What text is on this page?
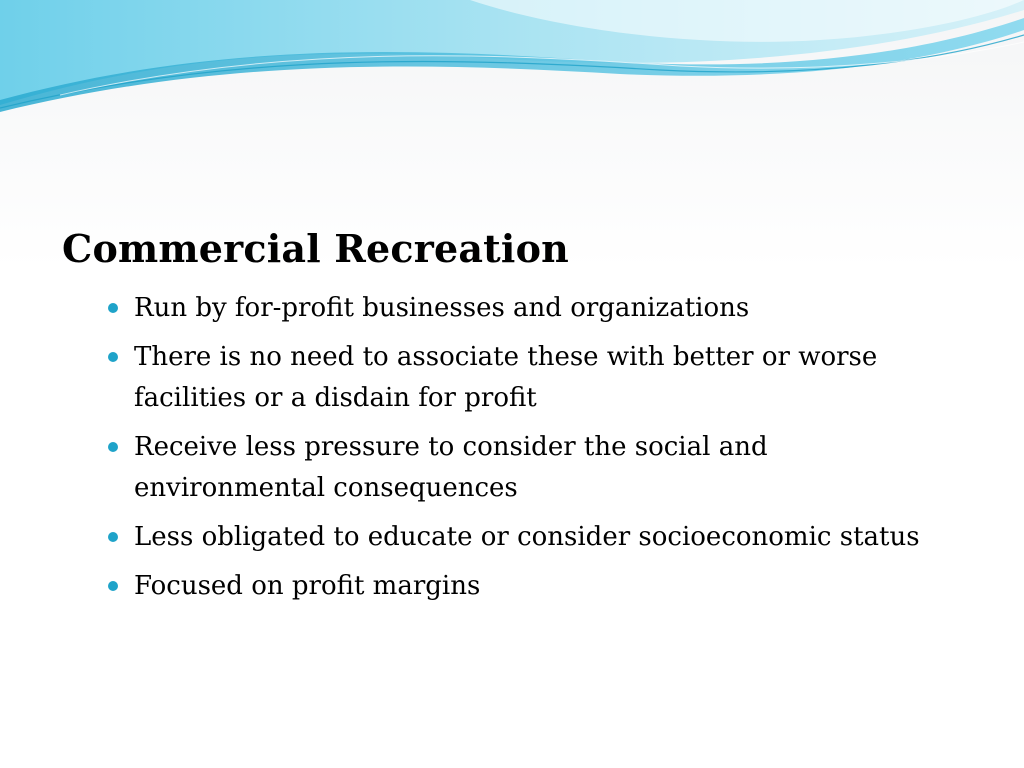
Commercial Recreation
Run by for-profit businesses and organizations
There is no need to associate these with better or worse facilities or a disdain for profit
Receive less pressure to consider the social and environmental consequences
Less obligated to educate or consider socioeconomic status
Focused on profit margins
